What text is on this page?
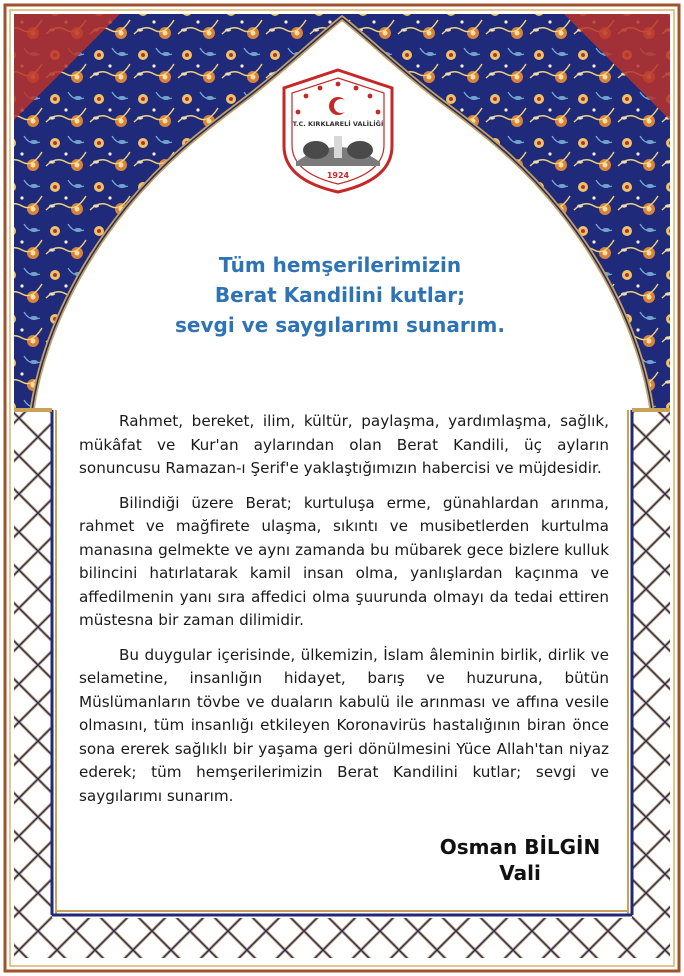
T.C. KIRKLARELİ VALİLİĞİ
1924
Tüm hemşerilerimizin
Berat Kandilini kutlar;
sevgi ve saygılarımı sunarım.

Rahmet, bereket, ilim, kültür, paylaşma, yardımlaşma, sağlık, mükâfat ve Kur'an aylarından olan Berat Kandili, üç ayların sonuncusu Ramazan-ı Şerif'e yaklaştığımızın habercisi ve müjdesidir.

Bilindiği üzere Berat; kurtuluşa erme, günahlardan arınma, rahmet ve mağfirete ulaşma, sıkıntı ve musibetlerden kurtulma manasına gelmekte ve aynı zamanda bu mübarek gece bizlere kulluk bilincini hatırlatarak kamil insan olma, yanlışlardan kaçınma ve affedilmenin yanı sıra affedici olma şuurunda olmayı da tedai ettiren müstesna bir zaman dilimidir.

Bu duygular içerisinde, ülkemizin, İslam âleminin birlik, dirlik ve selametine, insanlığın hidayet, barış ve huzuruna, bütün Müslümanların tövbe ve duaların kabulü ile arınması ve affına vesile olmasını, tüm insanlığı etkileyen Koronavirüs hastalığının biran önce sona ererek sağlıklı bir yaşama geri dönülmesini Yüce Allah'tan niyaz ederek; tüm hemşerilerimizin Berat Kandilini kutlar; sevgi ve saygılarımı sunarım.

Osman BİLGİN
Vali
